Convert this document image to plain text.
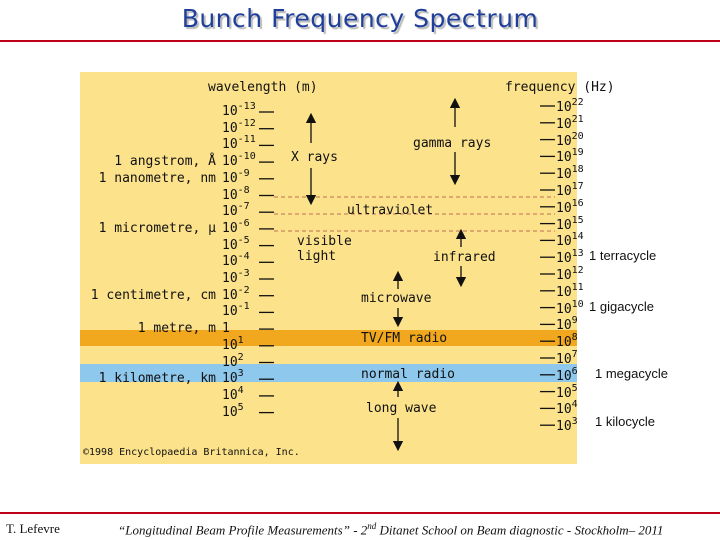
Bunch Frequency Spectrum
wavelength (m)	frequency (Hz)
$10^{-13}$
$10^{-12}$
$10^{-11}$
$10^{-10}$
$10^{-9}$
$10^{-8}$
$10^{-7}$
$10^{-6}$
$10^{-5}$
$10^{-4}$
$10^{-3}$
$10^{-2}$
$10^{-1}$
1
$10^1$
$10^2$
$10^3$
$10^4$
$10^5$
$10^{22}$
$10^{21}$
$10^{20}$
$10^{19}$
$10^{18}$
$10^{17}$
$10^{16}$
$10^{15}$
$10^{14}$
$10^{13}$
$10^{12}$
$10^{11}$
$10^{10}$
$10^9$
$10^8$
$10^7$
$10^6$
$10^5$
$10^4$
$10^3$
1 angstrom, Å
1 nanometre, nm
1 micrometre, μ
1 centimetre, cm
1 metre, m
1 kilometre, km
gamma rays
X rays
ultraviolet
visible
light	infrared
microwave
TV/FM radio
normal radio
long wave
1 terracycle
1 gigacycle
1 megacycle
1 kilocycle
©1998 Encyclopaedia Britannica, Inc.
T. Lefevre	“Longitudinal Beam Profile Measurements” - 2nd Ditanet School on Beam diagnostic - Stockholm– 2011
